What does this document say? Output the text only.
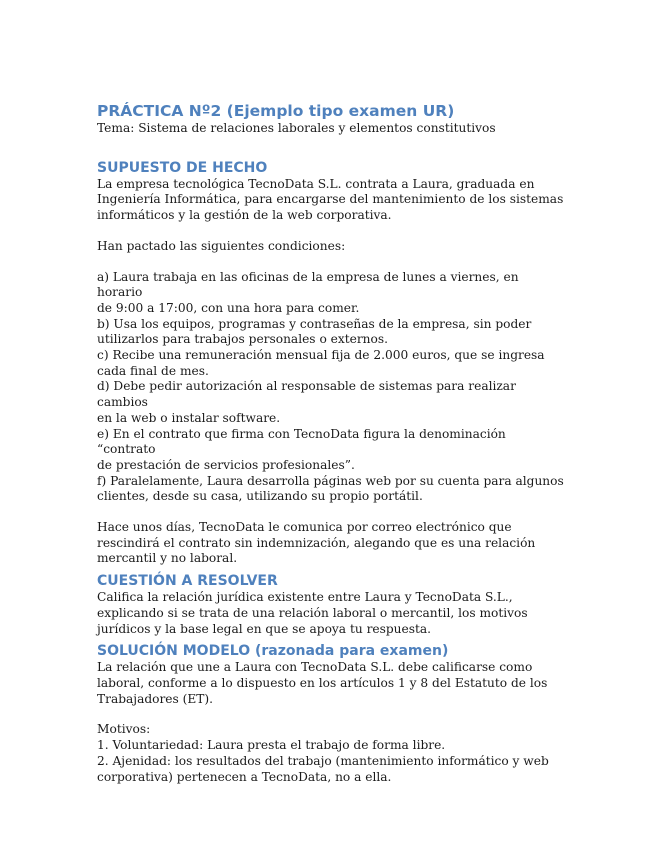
PRÁCTICA Nº2 (Ejemplo tipo examen UR)

Tema: Sistema de relaciones laborales y elementos constitutivos

SUPUESTO DE HECHO

La empresa tecnológica TecnoData S.L. contrata a Laura, graduada en
Ingeniería Informática, para encargarse del mantenimiento de los sistemas
informáticos y la gestión de la web corporativa.

Han pactado las siguientes condiciones:

a) Laura trabaja en las oficinas de la empresa de lunes a viernes, en horario
de 9:00 a 17:00, con una hora para comer.
b) Usa los equipos, programas y contraseñas de la empresa, sin poder
utilizarlos para trabajos personales o externos.
c) Recibe una remuneración mensual fija de 2.000 euros, que se ingresa
cada final de mes.
d) Debe pedir autorización al responsable de sistemas para realizar cambios
en la web o instalar software.
e) En el contrato que firma con TecnoData figura la denominación “contrato
de prestación de servicios profesionales”.
f) Paralelamente, Laura desarrolla páginas web por su cuenta para algunos
clientes, desde su casa, utilizando su propio portátil.

Hace unos días, TecnoData le comunica por correo electrónico que
rescindirá el contrato sin indemnización, alegando que es una relación
mercantil y no laboral.

CUESTIÓN A RESOLVER

Califica la relación jurídica existente entre Laura y TecnoData S.L.,
explicando si se trata de una relación laboral o mercantil, los motivos
jurídicos y la base legal en que se apoya tu respuesta.

SOLUCIÓN MODELO (razonada para examen)

La relación que une a Laura con TecnoData S.L. debe calificarse como
laboral, conforme a lo dispuesto en los artículos 1 y 8 del Estatuto de los
Trabajadores (ET).

Motivos:

1. Voluntariedad: Laura presta el trabajo de forma libre.
2. Ajenidad: los resultados del trabajo (mantenimiento informático y web
corporativa) pertenecen a TecnoData, no a ella.
